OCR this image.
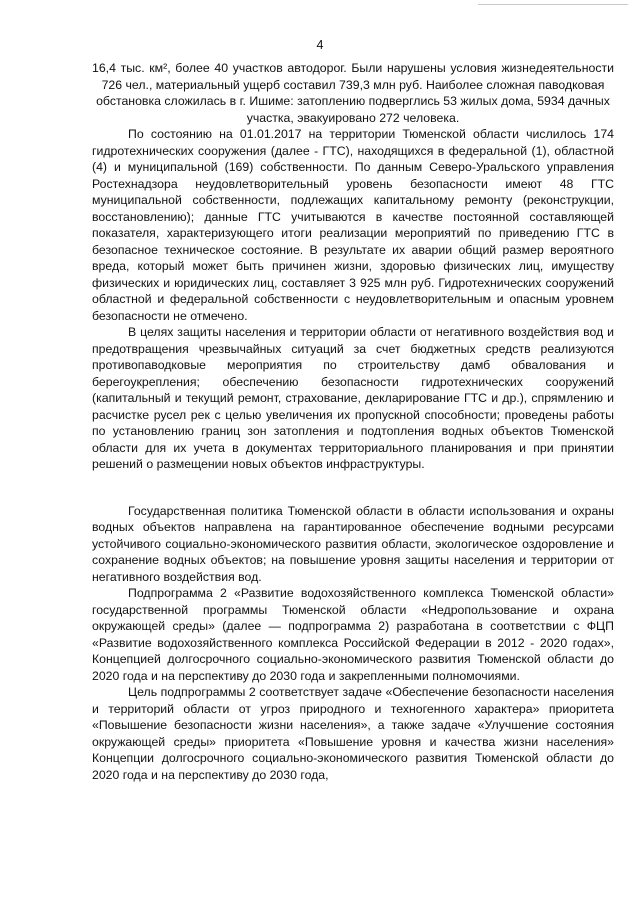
4

16,4 тыс. км², более 40 участков автодорог. Были нарушены условия жизнедеятельности

726 чел., материальный ущерб составил 739,3 млн руб. Наиболее сложная паводковая

обстановка сложилась в г. Ишиме: затоплению подверглись 53 жилых дома, 5934 дачных

участка, эвакуировано 272 человека.

По состоянию на 01.01.2017 на территории Тюменской области числилось 174 гидротехнических сооружения (далее - ГТС), находящихся в федеральной (1), областной (4) и муниципальной (169) собственности. По данным Северо-Уральского управления Ростехнадзора неудовлетворительный уровень безопасности имеют 48 ГТС муниципальной собственности, подлежащих капитальному ремонту (реконструкции, восстановлению); данные ГТС учитываются в качестве постоянной составляющей показателя, характеризующего итоги реализации мероприятий по приведению ГТС в безопасное техническое состояние. В результате их аварии общий размер вероятного вреда, который может быть причинен жизни, здоровью физических лиц, имуществу физических и юридических лиц, составляет 3 925 млн руб. Гидротехнических сооружений областной и федеральной собственности с неудовлетворительным и опасным уровнем безопасности не отмечено.

В целях защиты населения и территории области от негативного воздействия вод и предотвращения чрезвычайных ситуаций за счет бюджетных средств реализуются противопаводковые мероприятия по строительству дамб обвалования и берегоукрепления; обеспечению безопасности гидротехнических сооружений (капитальный и текущий ремонт, страхование, декларирование ГТС и др.), спрямлению и расчистке русел рек с целью увеличения их пропускной способности; проведены работы по установлению границ зон затопления и подтопления водных объектов Тюменской области для их учета в документах территориального планирования и при принятии решений о размещении новых объектов инфраструктуры.

Государственная политика Тюменской области в области использования и охраны водных объектов направлена на гарантированное обеспечение водными ресурсами устойчивого социально-экономического развития области, экологическое оздоровление и сохранение водных объектов; на повышение уровня защиты населения и территории от негативного воздействия вод.

Подпрограмма 2 «Развитие водохозяйственного комплекса Тюменской области» государственной программы Тюменской области «Недропользование и охрана окружающей среды» (далее — подпрограмма 2) разработана в соответствии с ФЦП «Развитие водохозяйственного комплекса Российской Федерации в 2012 - 2020 годах», Концепцией долгосрочного социально-экономического развития Тюменской области до 2020 года и на перспективу до 2030 года и закрепленными полномочиями.

Цель подпрограммы 2 соответствует задаче «Обеспечение безопасности населения и территорий области от угроз природного и техногенного характера» приоритета «Повышение безопасности жизни населения», а также задаче «Улучшение состояния окружающей среды» приоритета «Повышение уровня и качества жизни населения» Концепции долгосрочного социально-экономического развития Тюменской области до 2020 года и на перспективу до 2030 года,
